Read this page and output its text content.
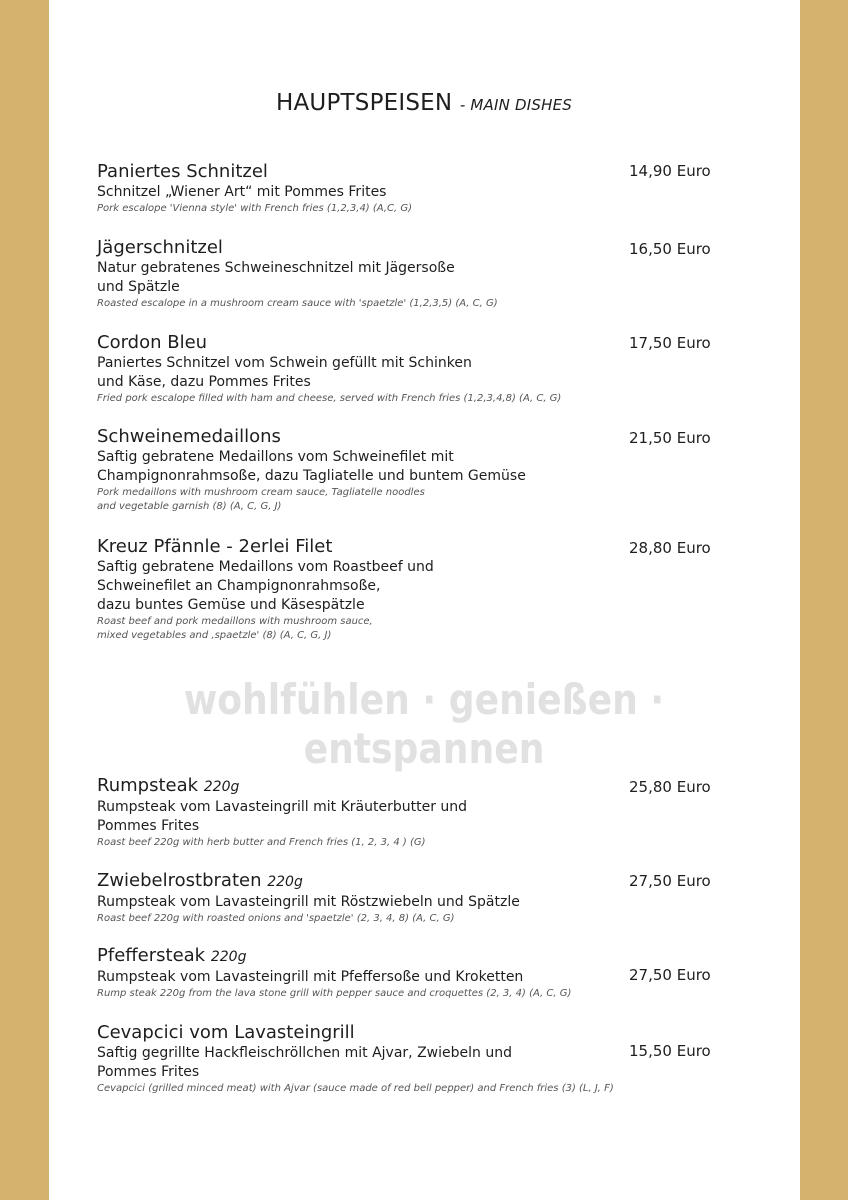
HAUPTSPEISEN - MAIN DISHES
Paniertes Schnitzel
Schnitzel „Wiener Art“ mit Pommes Frites
Pork escalope 'Vienna style' with French fries (1,2,3,4) (A,C, G)
14,90 Euro
Jägerschnitzel
Natur gebratenes Schweineschnitzel mit Jägersoße
und Spätzle
Roasted escalope in a mushroom cream sauce with 'spaetzle' (1,2,3,5) (A, C, G)
16,50 Euro
Cordon Bleu
Paniertes Schnitzel vom Schwein gefüllt mit Schinken
und Käse, dazu Pommes Frites
Fried pork escalope filled with ham and cheese, served with French fries (1,2,3,4,8) (A, C, G)
17,50 Euro
Schweinemedaillons
Saftig gebratene Medaillons vom Schweinefilet mit
Champignonrahmsoße, dazu Tagliatelle und buntem Gemüse
Pork medaillons with mushroom cream sauce, Tagliatelle noodles
and vegetable garnish (8) (A, C, G, J)
21,50 Euro
Kreuz Pfännle - 2erlei Filet
Saftig gebratene Medaillons vom Roastbeef und
Schweinefilet an Champignonrahmsoße,
dazu buntes Gemüse und Käsespätzle
Roast beef and pork medaillons with mushroom sauce,
mixed vegetables and ‚spaetzle' (8) (A, C, G, J)
28,80 Euro
wohlfühlen · genießen · entspannen
Rumpsteak 220g
Rumpsteak vom Lavasteingrill mit Kräuterbutter und
Pommes Frites
Roast beef 220g with herb butter and French fries (1, 2, 3, 4 ) (G)
25,80 Euro
Zwiebelrostbraten 220g
Rumpsteak vom Lavasteingrill mit Röstzwiebeln und Spätzle
Roast beef 220g with roasted onions and 'spaetzle' (2, 3, 4, 8) (A, C, G)
27,50 Euro
Pfeffersteak 220g
Rumpsteak vom Lavasteingrill mit Pfeffersoße und Kroketten
Rump steak 220g from the lava stone grill with pepper sauce and croquettes (2, 3, 4) (A, C, G)
27,50 Euro
Cevapcici vom Lavasteingrill
Saftig gegrillte Hackfleischröllchen mit Ajvar, Zwiebeln und
Pommes Frites
Cevapcici (grilled minced meat) with Ajvar (sauce made of red bell pepper) and French fries (3) (L, J, F)
15,50 Euro
